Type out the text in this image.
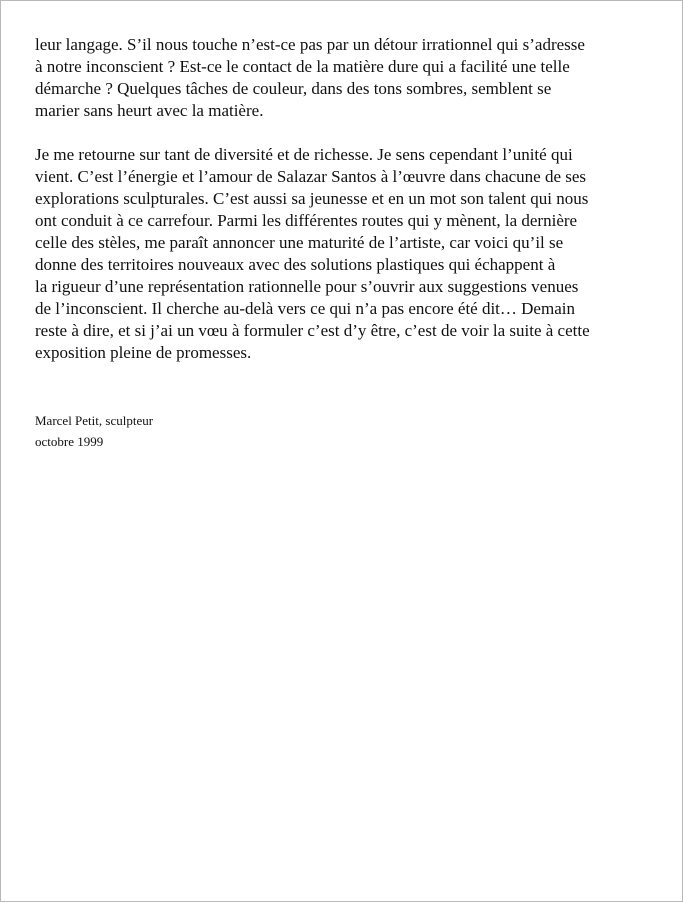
leur langage. S’il nous touche n’est-ce pas par un détour irrationnel qui s’adresse
à notre inconscient ? Est-ce le contact de la matière dure qui a facilité une telle
démarche ? Quelques tâches de couleur, dans des tons sombres, semblent se
marier sans heurt avec la matière.

Je me retourne sur tant de diversité et de richesse. Je sens cependant l’unité qui
vient. C’est l’énergie et l’amour de Salazar Santos à l’œuvre dans chacune de ses
explorations sculpturales. C’est aussi sa jeunesse et en un mot son talent qui nous
ont conduit à ce carrefour. Parmi les différentes routes qui y mènent, la dernière
celle des stèles, me paraît annoncer une maturité de l’artiste, car voici qu’il se
donne des territoires nouveaux avec des solutions plastiques qui échappent à
la rigueur d’une représentation rationnelle pour s’ouvrir aux suggestions venues
de l’inconscient. Il cherche au-delà vers ce qui n’a pas encore été dit… Demain
reste à dire, et si j’ai un vœu à formuler c’est d’y être, c’est de voir la suite à cette
exposition pleine de promesses.

Marcel Petit, sculpteur
octobre 1999
